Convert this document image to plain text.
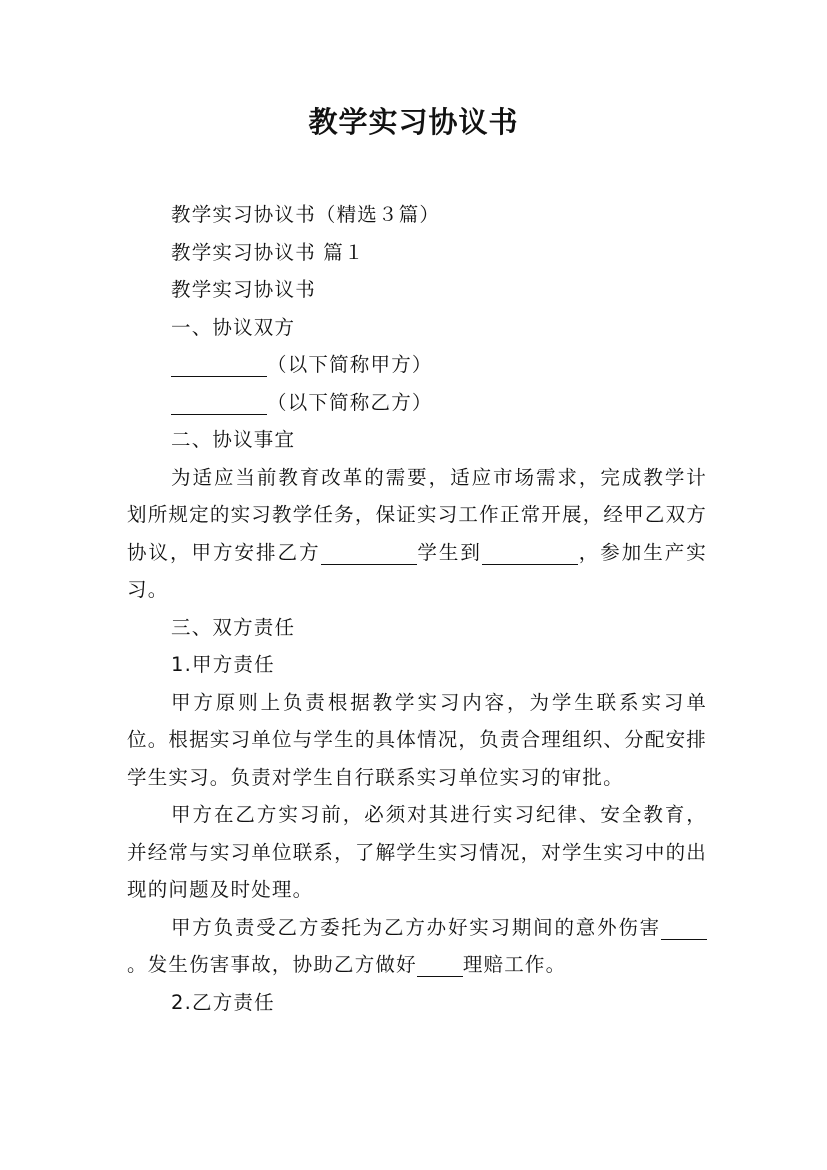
教学实习协议书

教学实习协议书（精选３篇）

教学实习协议书 篇１

教学实习协议书

一、协议双方

（以下简称甲方）

（以下简称乙方）

二、协议事宜

为适应当前教育改革的需要，适应市场需求，完成教学计划所规定的实习教学任务，保证实习工作正常开展，经甲乙双方协议，甲方安排乙方	学生到	，参加生产实习。

三、双方责任

1.甲方责任

甲方原则上负责根据教学实习内容，为学生联系实习单位。根据实习单位与学生的具体情况，负责合理组织、分配安排学生实习。负责对学生自行联系实习单位实习的审批。

甲方在乙方实习前，必须对其进行实习纪律、安全教育，并经常与实习单位联系，了解学生实习情况，对学生实习中的出现的问题及时处理。

甲方负责受乙方委托为乙方办好实习期间的意外伤害。发生伤害事故，协助乙方做好 理赔工作。

2.乙方责任
